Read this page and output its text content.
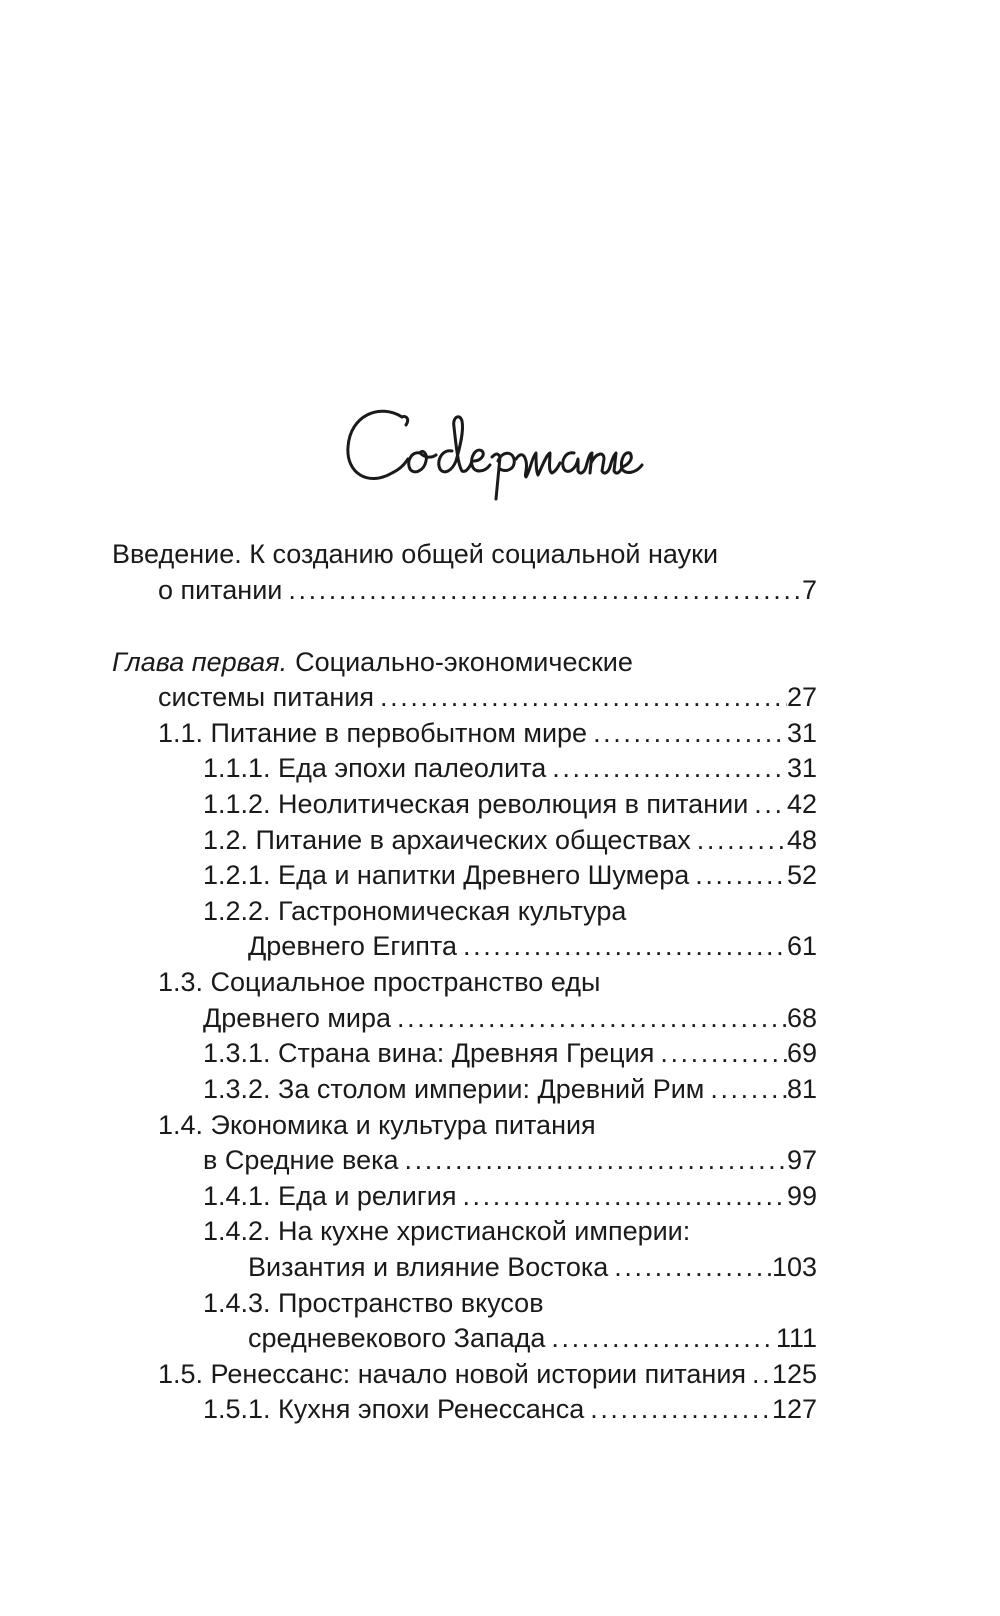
Введение. К созданию общей социальной науки
о питании .....	7
Глава первая. Социально-экономические
системы питания .....	27
1.1. Питание в первобытном мире .....	31
1.1.1. Еда эпохи палеолита .....	31
1.1.2. Неолитическая революция в питании ..... 42
1.2. Питание в архаических обществах .....	48
1.2.1. Еда и напитки Древнего Шумера .....	52
1.2.2. Гастрономическая культура
Древнего Египта .....	61
1.3. Социальное пространство еды
Древнего мира .....	68
1.3.1. Страна вина: Древняя Греция .....	69
1.3.2. За столом империи: Древний Рим .....	81
1.4. Экономика и культура питания
в Средние века .....	97
1.4.1. Еда и религия .....	99
1.4.2. На кухне христианской империи:
Византия и влияние Востока .....	103
1.4.3. Пространство вкусов
средневекового Запада .....	111
1.5. Ренессанс: начало новой истории питания ..... 125
1.5.1. Кухня эпохи Ренессанса .....	127
